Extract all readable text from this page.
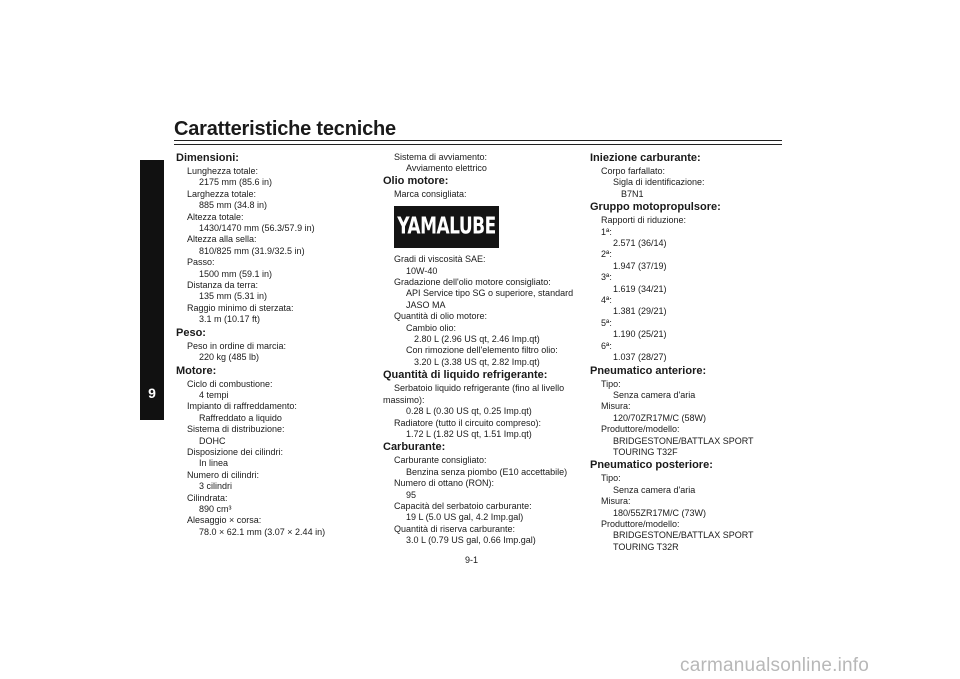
Caratteristiche tecniche
9
Dimensioni:
Lunghezza totale:
2175 mm (85.6 in)
Larghezza totale:
885 mm (34.8 in)
Altezza totale:
1430/1470 mm (56.3/57.9 in)
Altezza alla sella:
810/825 mm (31.9/32.5 in)
Passo:
1500 mm (59.1 in)
Distanza da terra:
135 mm (5.31 in)
Raggio minimo di sterzata:
3.1 m (10.17 ft)
Peso:
Peso in ordine di marcia:
220 kg (485 lb)
Motore:
Ciclo di combustione:
4 tempi
Impianto di raffreddamento:
Raffreddato a liquido
Sistema di distribuzione:
DOHC
Disposizione dei cilindri:
In linea
Numero di cilindri:
3 cilindri
Cilindrata:
890 cm³
Alesaggio × corsa:
78.0 × 62.1 mm (3.07 × 2.44 in)
Sistema di avviamento:
Avviamento elettrico
Olio motore:
Marca consigliata:
YAMALUBE
Gradi di viscosità SAE:
10W-40
Gradazione dell'olio motore consigliato:
API Service tipo SG o superiore, standard
JASO MA
Quantità di olio motore:
Cambio olio:
2.80 L (2.96 US qt, 2.46 Imp.qt)
Con rimozione dell'elemento filtro olio:
3.20 L (3.38 US qt, 2.82 Imp.qt)
Quantità di liquido refrigerante:
Serbatoio liquido refrigerante (fino al livello
massimo):
0.28 L (0.30 US qt, 0.25 Imp.qt)
Radiatore (tutto il circuito compreso):
1.72 L (1.82 US qt, 1.51 Imp.qt)
Carburante:
Carburante consigliato:
Benzina senza piombo (E10 accettabile)
Numero di ottano (RON):
95
Capacità del serbatoio carburante:
19 L (5.0 US gal, 4.2 Imp.gal)
Quantità di riserva carburante:
3.0 L (0.79 US gal, 0.66 Imp.gal)
Iniezione carburante:
Corpo farfallato:
Sigla di identificazione:
B7N1
Gruppo motopropulsore:
Rapporti di riduzione:
1ª:
2.571 (36/14)
2ª:
1.947 (37/19)
3ª:
1.619 (34/21)
4ª:
1.381 (29/21)
5ª:
1.190 (25/21)
6ª:
1.037 (28/27)
Pneumatico anteriore:
Tipo:
Senza camera d'aria
Misura:
120/70ZR17M/C (58W)
Produttore/modello:
BRIDGESTONE/BATTLAX SPORT
TOURING T32F
Pneumatico posteriore:
Tipo:
Senza camera d'aria
Misura:
180/55ZR17M/C (73W)
Produttore/modello:
BRIDGESTONE/BATTLAX SPORT
TOURING T32R
9-1
carmanualsonline.info
